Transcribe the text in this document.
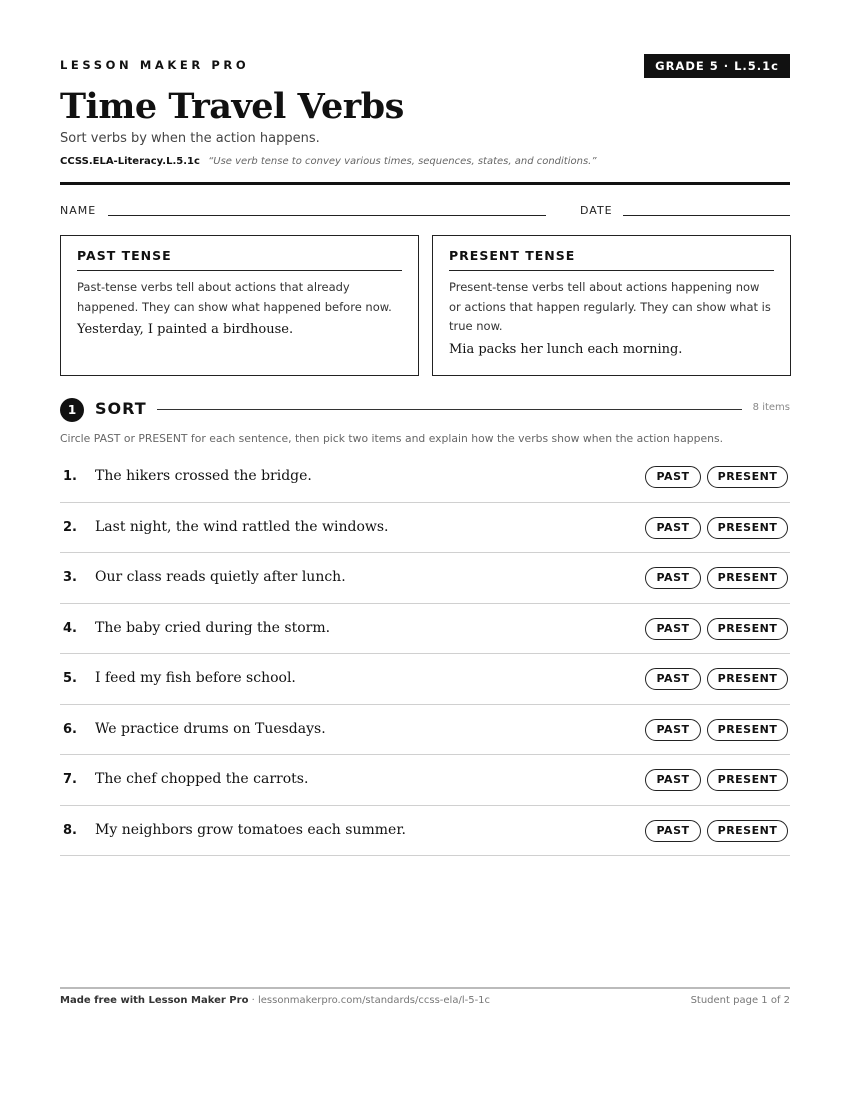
LESSON MAKER PRO	GRADE 5 · L.5.1c
Time Travel Verbs
Sort verbs by when the action happens.
CCSS.ELA-Literacy.L.5.1c “Use verb tense to convey various times, sequences, states, and conditions.”
NAME	DATE
PAST TENSE
Past-tense verbs tell about actions that already happened. They can show what happened before now.
Yesterday, I painted a birdhouse.
PRESENT TENSE
Present-tense verbs tell about actions happening now or actions that happen regularly. They can show what is true now.
Mia packs her lunch each morning.
1	SORT	8 items
Circle PAST or PRESENT for each sentence, then pick two items and explain how the verbs show when the action happens.
1. The hikers crossed the bridge.	PAST	PRESENT
2. Last night, the wind rattled the windows.	PAST	PRESENT
3. Our class reads quietly after lunch.	PAST	PRESENT
4. The baby cried during the storm.	PAST	PRESENT
5. I feed my fish before school.	PAST	PRESENT
6. We practice drums on Tuesdays.	PAST	PRESENT
7. The chef chopped the carrots.	PAST	PRESENT
8. My neighbors grow tomatoes each summer.	PAST	PRESENT
Made free with Lesson Maker Pro · lessonmakerpro.com/standards/ccss-ela/l-5-1c	Student page 1 of 2
